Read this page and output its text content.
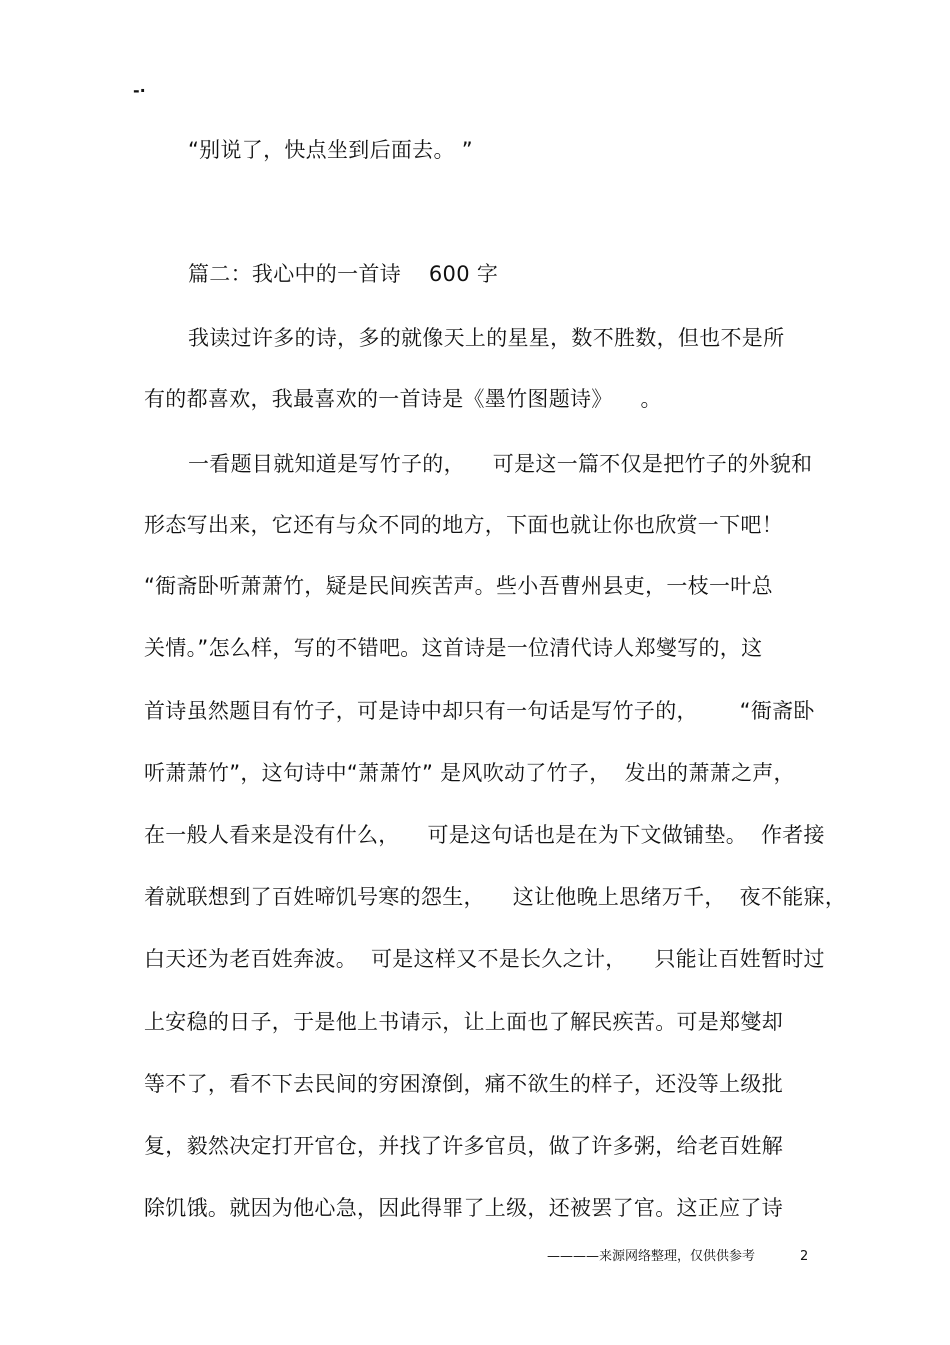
-·
“别说了，快点坐到后面去。 ”
篇二：我心中的一首诗    600 字
我读过许多的诗，多的就像天上的星星，数不胜数，但也不是所
有的都喜欢，我最喜欢的一首诗是《墨竹图题诗》    。
一看题目就知道是写竹子的，    可是这一篇不仅是把竹子的外貌和
形态写出来，它还有与众不同的地方，下面也就让你也欣赏一下吧！
“衙斋卧听萧萧竹，疑是民间疾苦声。些小吾曹州县吏，一枝一叶总
关情。”怎么样，写的不错吧。这首诗是一位清代诗人郑燮写的，这
首诗虽然题目有竹子，可是诗中却只有一句话是写竹子的，      “衙斋卧
听萧萧竹”，这句诗中“萧萧竹” 是风吹动了竹子，  发出的萧萧之声，
在一般人看来是没有什么，    可是这句话也是在为下文做铺垫。  作者接
着就联想到了百姓啼饥号寒的怨生，    这让他晚上思绪万千，  夜不能寐，
白天还为老百姓奔波。  可是这样又不是长久之计，    只能让百姓暂时过
上安稳的日子，于是他上书请示，让上面也了解民疾苦。可是郑燮却
等不了，看不下去民间的穷困潦倒，痛不欲生的样子，还没等上级批
复，毅然决定打开官仓，并找了许多官员，做了许多粥，给老百姓解
除饥饿。就因为他心急，因此得罪了上级，还被罢了官。这正应了诗
————来源网络整理，仅供供参考	2
